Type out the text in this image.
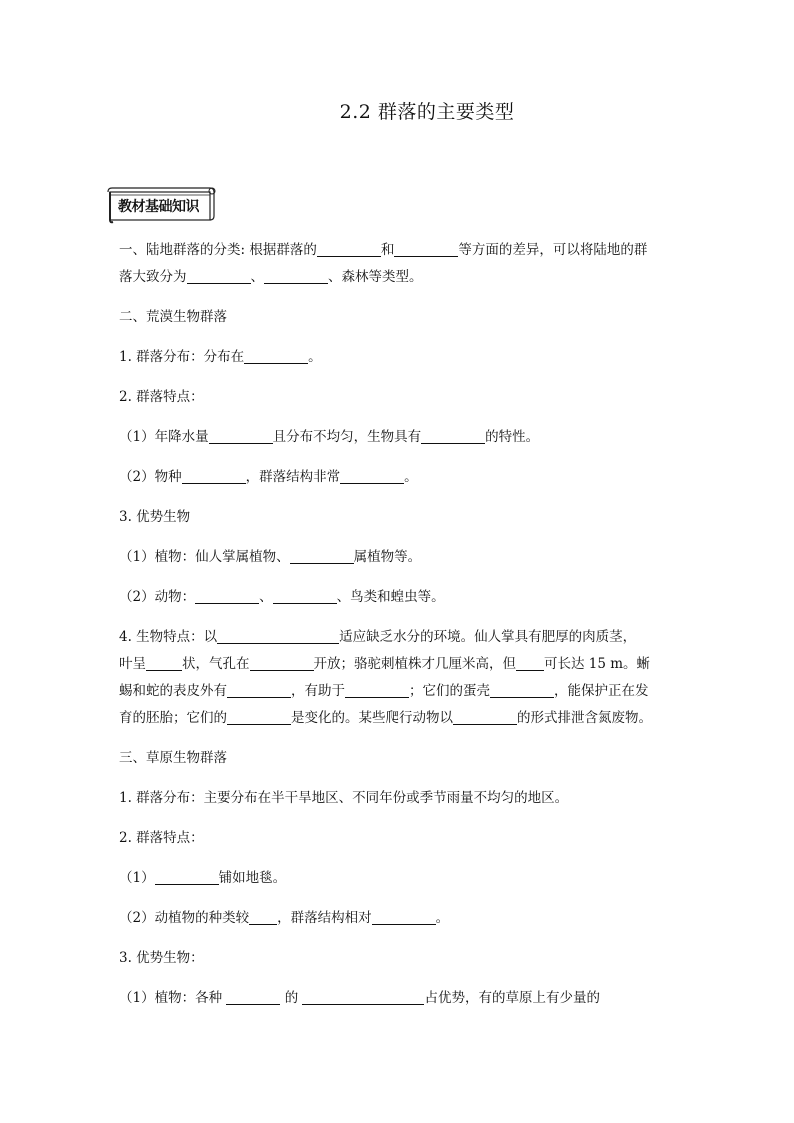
2.2 群落的主要类型
教材基础知识

一、陆地群落的分类: 根据群落的	和	等方面的差异，可以将陆地的群
落大致分为	、	、森林等类型。

二、荒漠生物群落

1. 群落分布：分布在	。

2. 群落特点：

（1）年降水量	且分布不均匀，生物具有	的特性。

（2）物种	，群落结构非常	。

3. 优势生物

（1）植物：仙人掌属植物、	属植物等。

（2）动物：	、	、鸟类和蝗虫等。

4. 生物特点：以	适应缺乏水分的环境。仙人掌具有肥厚的肉质茎，
叶呈	状，气孔在	开放；骆驼刺植株才几厘米高，但 可长达 15 m。蜥
蜴和蛇的表皮外有	，有助于	；它们的蛋壳	，能保护正在发
育的胚胎；它们的	是变化的。某些爬行动物以	的形式排泄含氮废物。

三、草原生物群落

1. 群落分布：主要分布在半干旱地区、不同年份或季节雨量不均匀的地区。

2. 群落特点：

（1）	铺如地毯。

（2）动植物的种类较 ，群落结构相对	。

3. 优势生物：

（1）植物：各种	的	占优势，有的草原上有少量的
